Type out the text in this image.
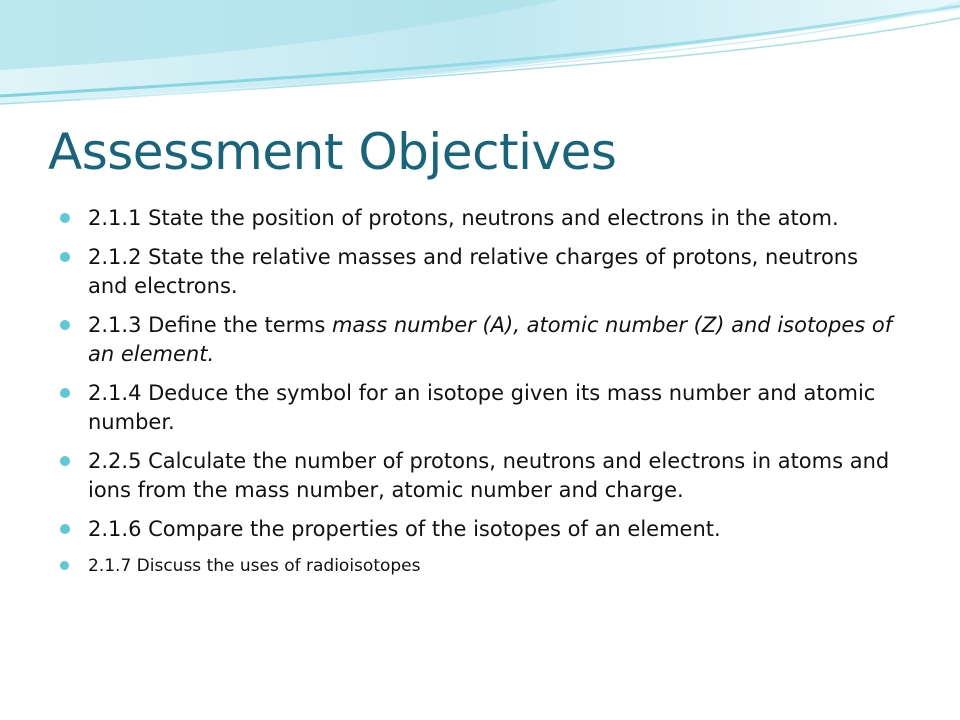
Assessment Objectives
2.1.1 State the position of protons, neutrons and electrons in the atom.
2.1.2 State the relative masses and relative charges of protons, neutrons and electrons.
2.1.3 Define the terms mass number (A), atomic number (Z) and isotopes of an element.
2.1.4 Deduce the symbol for an isotope given its mass number and atomic number.
2.2.5 Calculate the number of protons, neutrons and electrons in atoms and ions from the mass number, atomic number and charge.
2.1.6 Compare the properties of the isotopes of an element.
2.1.7 Discuss the uses of radioisotopes
